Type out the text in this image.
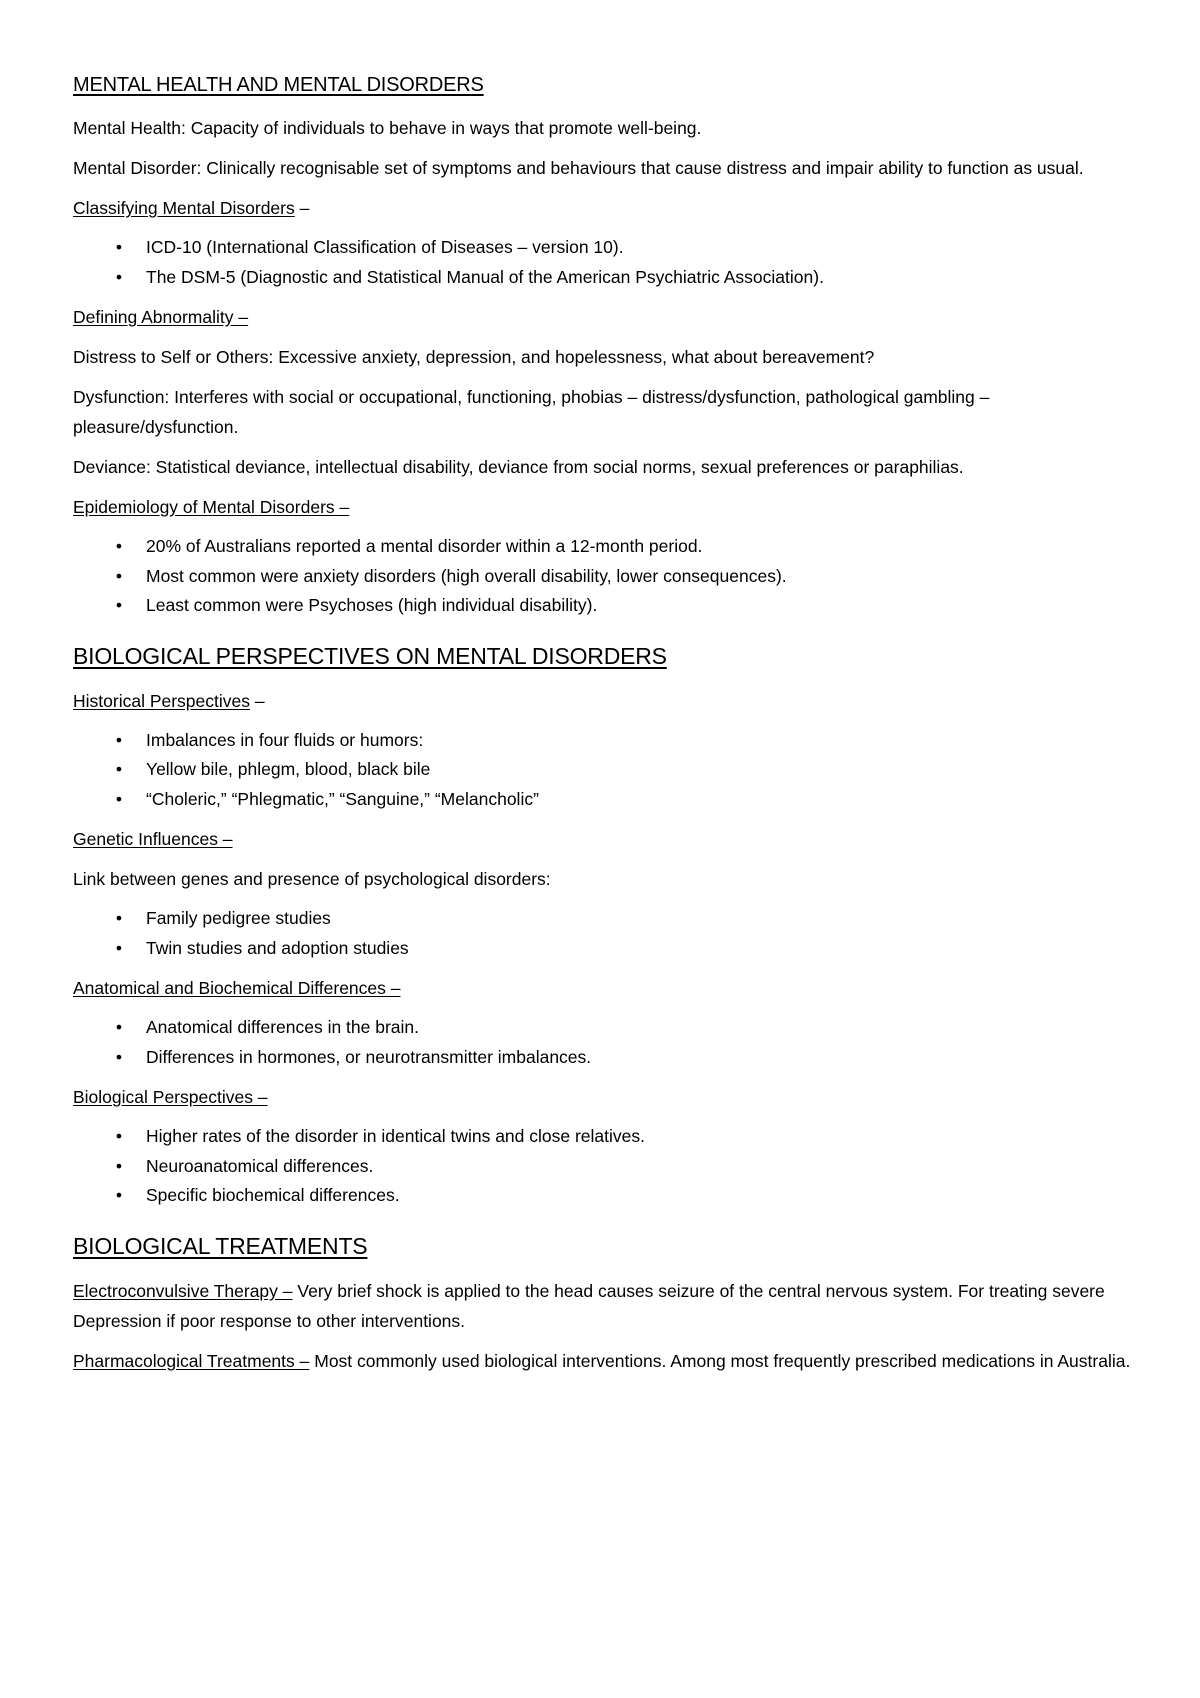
MENTAL HEALTH AND MENTAL DISORDERS

Mental Health: Capacity of individuals to behave in ways that promote well-being.

Mental Disorder: Clinically recognisable set of symptoms and behaviours that cause distress and impair ability to function as usual.

Classifying Mental Disorders –

•	ICD-10 (International Classification of Diseases – version 10).
•	The DSM-5 (Diagnostic and Statistical Manual of the American Psychiatric Association).

Defining Abnormality –

Distress to Self or Others: Excessive anxiety, depression, and hopelessness, what about bereavement?

Dysfunction: Interferes with social or occupational, functioning, phobias – distress/dysfunction, pathological gambling – pleasure/dysfunction.

Deviance: Statistical deviance, intellectual disability, deviance from social norms, sexual preferences or paraphilias.

Epidemiology of Mental Disorders –

•	20% of Australians reported a mental disorder within a 12-month period.
•	Most common were anxiety disorders (high overall disability, lower consequences).
•	Least common were Psychoses (high individual disability).
BIOLOGICAL PERSPECTIVES ON MENTAL DISORDERS

Historical Perspectives –

•	Imbalances in four fluids or humors:
•	Yellow bile, phlegm, blood, black bile
•	“Choleric,” “Phlegmatic,” “Sanguine,” “Melancholic”

Genetic Influences –

Link between genes and presence of psychological disorders:

•	Family pedigree studies
•	Twin studies and adoption studies

Anatomical and Biochemical Differences –

•	Anatomical differences in the brain.
•	Differences in hormones, or neurotransmitter imbalances.

Biological Perspectives –

•	Higher rates of the disorder in identical twins and close relatives.
•	Neuroanatomical differences.
•	Specific biochemical differences.
BIOLOGICAL TREATMENTS

Electroconvulsive Therapy – Very brief shock is applied to the head causes seizure of the central nervous system. For treating severe Depression if poor response to other interventions.

Pharmacological Treatments – Most commonly used biological interventions. Among most frequently prescribed medications in Australia.
